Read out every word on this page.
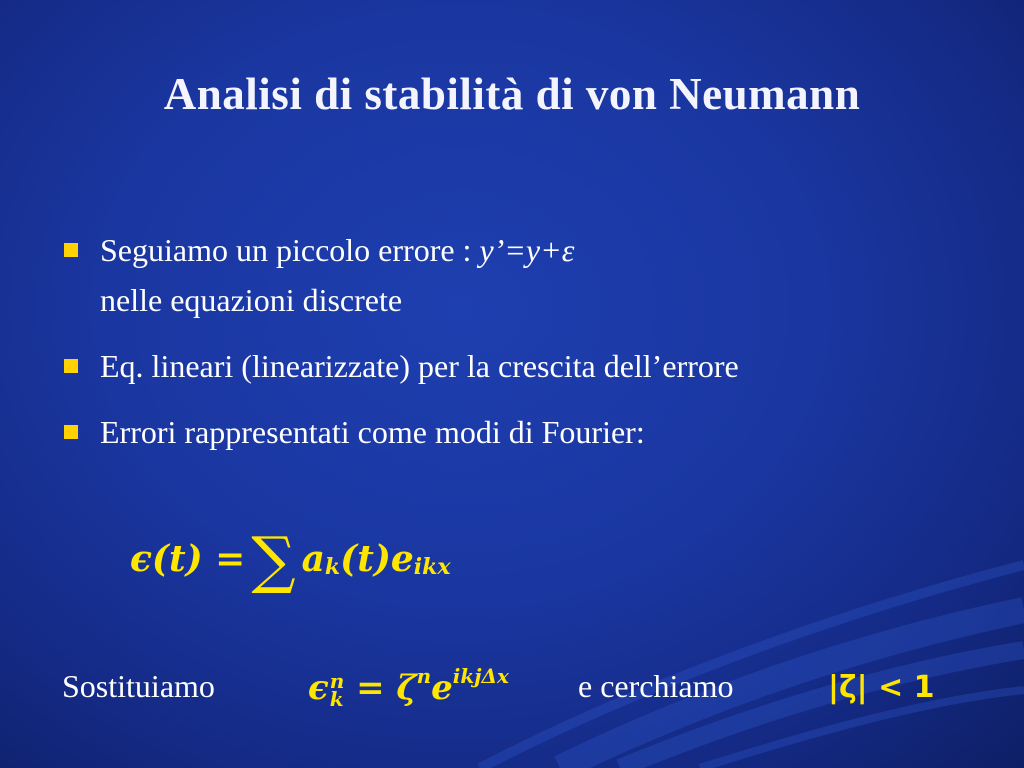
Analisi di stabilità di von Neumann
Seguiamo un piccolo errore : y’=y+ε
nelle equazioni discrete
Eq. lineari (linearizzate) per la crescita dell’errore
Errori rappresentati come modi di Fourier:
ϵ(t) = ∑ $a_k$ $(t)e_{ikx}$
Sostituiamo	ϵ n
$k = \zeta^ne^{ikj\Delta x}$ e cerchiamo	|ζ| < 1
